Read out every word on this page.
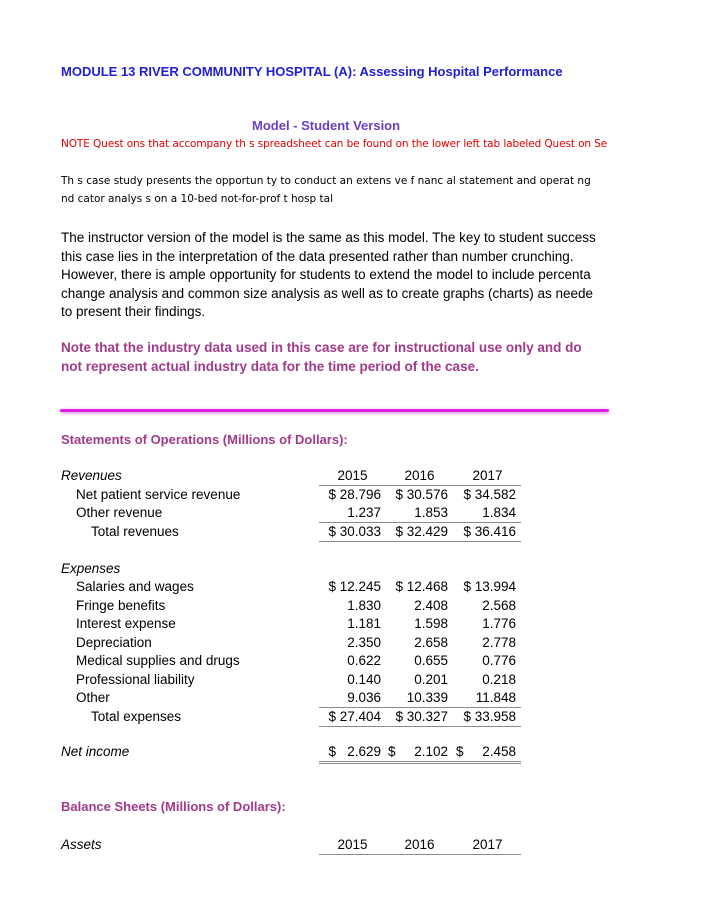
MODULE 13 RIVER COMMUNITY HOSPITAL (A): Assessing Hospital Performance
Model - Student Version
NOTE Quest ons that accompany th s spreadsheet can be found on the lower left tab labeled Quest on Se
Th s case study presents the opportun ty to conduct an extens ve f nanc al statement and operat ng
nd cator analys s on a 10-bed not-for-prof t hosp tal
The instructor version of the model is the same as this model. The key to student success
this case lies in the interpretation of the data presented rather than number crunching.
However, there is ample opportunity for students to extend the model to include percenta
change analysis and common size analysis as well as to create graphs (charts) as neede
to present their findings.
Note that the industry data used in this case are for instructional use only and do
not represent actual industry data for the time period of the case.
Statements of Operations (Millions of Dollars):
Revenues	2015	2016	2017
Net patient service revenue	$ 28.796	$ 30.576	$ 34.582
Other revenue	1.237	1.853	1.834
Total revenues	$ 30.033	$ 32.429	$ 36.416
Expenses
Salaries and wages	$ 12.245	$ 12.468	$ 13.994
Fringe benefits	1.830	2.408	2.568
Interest expense	1.181	1.598	1.776
Depreciation	2.350	2.658	2.778
Medical supplies and drugs	0.622	0.655	0.776
Professional liability	0.140	0.201	0.218
Other	9.036	10.339	11.848
Total expenses	$ 27.404	$ 30.327	$ 33.958
Net income	$   2.629 $     2.102 $     2.458
Balance Sheets (Millions of Dollars):
Assets	2015	2016	2017
